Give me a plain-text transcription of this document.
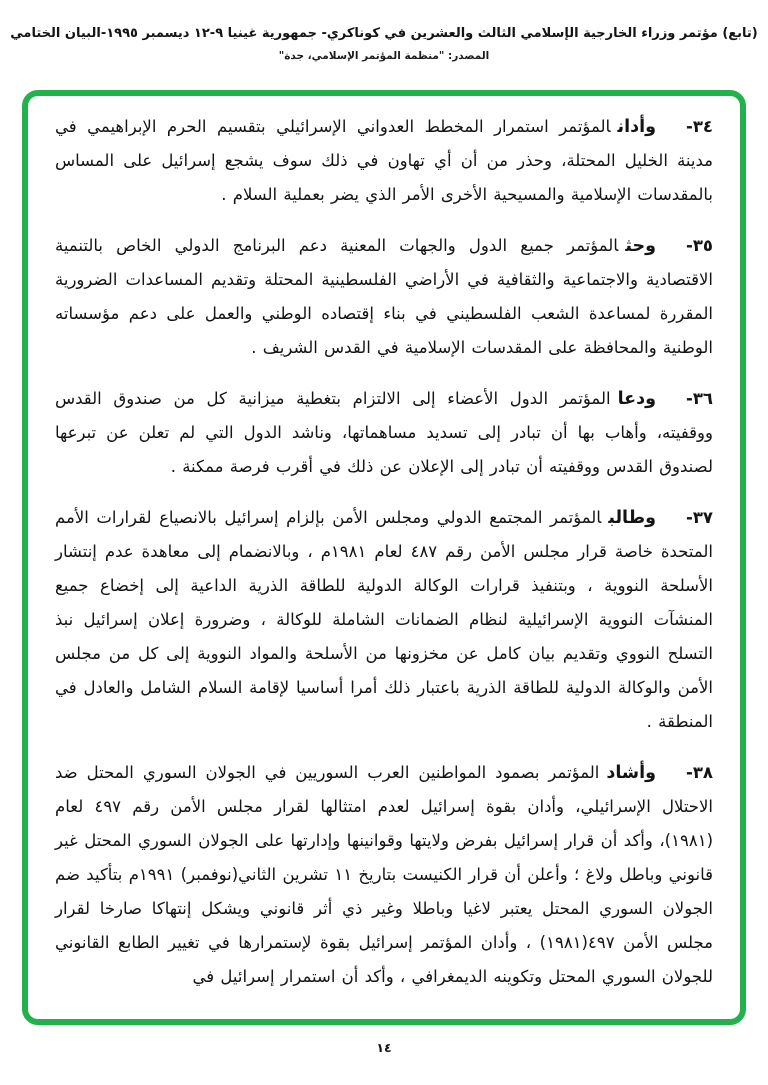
(تابع) مؤتمر وزراء الخارجية الإسلامي الثالث والعشرين في كوناكري- جمهورية غينيا ٩-١٢ ديسمبر ١٩٩٥-البيان الختامي
المصدر: "منظمة المؤتمر الإسلامي، جدة"

٣٤-وأدانالمؤتمر استمرار المخطط العدواني الإسرائيلي بتقسيم الحرم الإبراهيمي في مدينة الخليل المحتلة، وحذر من أن أي تهاون في ذلك سوف يشجع إسرائيل على المساس بالمقدسات الإسلامية والمسيحية الأخرى الأمر الذي يضر بعملية السلام .

٣٥-وحثالمؤتمر جميع الدول والجهات المعنية دعم البرنامج الدولي الخاص بالتنمية الاقتصادية والاجتماعية والثقافية في الأراضي الفلسطينية المحتلة وتقديم المساعدات الضرورية المقررة لمساعدة الشعب الفلسطيني في بناء إقتصاده الوطني والعمل على دعم مؤسساته الوطنية والمحافظة على المقدسات الإسلامية في القدس الشريف .

٣٦-ودعاالمؤتمر الدول الأعضاء إلى الالتزام بتغطية ميزانية كل من صندوق القدس ووقفيته، وأهاب بها أن تبادر إلى تسديد مساهماتها، وناشد الدول التي لم تعلن عن تبرعها لصندوق القدس ووقفيته أن تبادر إلى الإعلان عن ذلك في أقرب فرصة ممكنة .

٣٧-وطالبالمؤتمر المجتمع الدولي ومجلس الأمن بإلزام إسرائيل بالانصياع لقرارات الأمم المتحدة خاصة قرار مجلس الأمن رقم ٤٨٧ لعام ١٩٨١م ، وبالانضمام إلى معاهدة عدم إنتشار الأسلحة النووية ، وبتنفيذ قرارات الوكالة الدولية للطاقة الذرية الداعية إلى إخضاع جميع المنشآت النووية الإسرائيلية لنظام الضمانات الشاملة للوكالة ، وضرورة إعلان إسرائيل نبذ التسلح النووي وتقديم بيان كامل عن مخزونها من الأسلحة والمواد النووية إلى كل من مجلس الأمن والوكالة الدولية للطاقة الذرية باعتبار ذلك أمرا أساسيا لإقامة السلام الشامل والعادل في المنطقة .

٣٨-وأشادالمؤتمر بصمود المواطنين العرب السوريين في الجولان السوري المحتل ضد الاحتلال الإسرائيلي، وأدان بقوة إسرائيل لعدم امتثالها لقرار مجلس الأمن رقم ٤٩٧ لعام (١٩٨١)، وأكد أن قرار إسرائيل بفرض ولايتها وقوانينها وإدارتها على الجولان السوري المحتل غير قانوني وباطل ولاغ ؛ وأعلن أن قرار الكنيست بتاريخ ١١ تشرين الثاني(نوفمبر) ١٩٩١م بتأكيد ضم الجولان السوري المحتل يعتبر لاغيا وباطلا وغير ذي أثر قانوني ويشكل إنتهاكا صارخا لقرار مجلس الأمن ٤٩٧(١٩٨١) ، وأدان المؤتمر إسرائيل بقوة لإستمرارها في تغيير الطابع القانوني للجولان السوري المحتل وتكوينه الديمغرافي ، وأكد أن استمرار إسرائيل في

١٤
